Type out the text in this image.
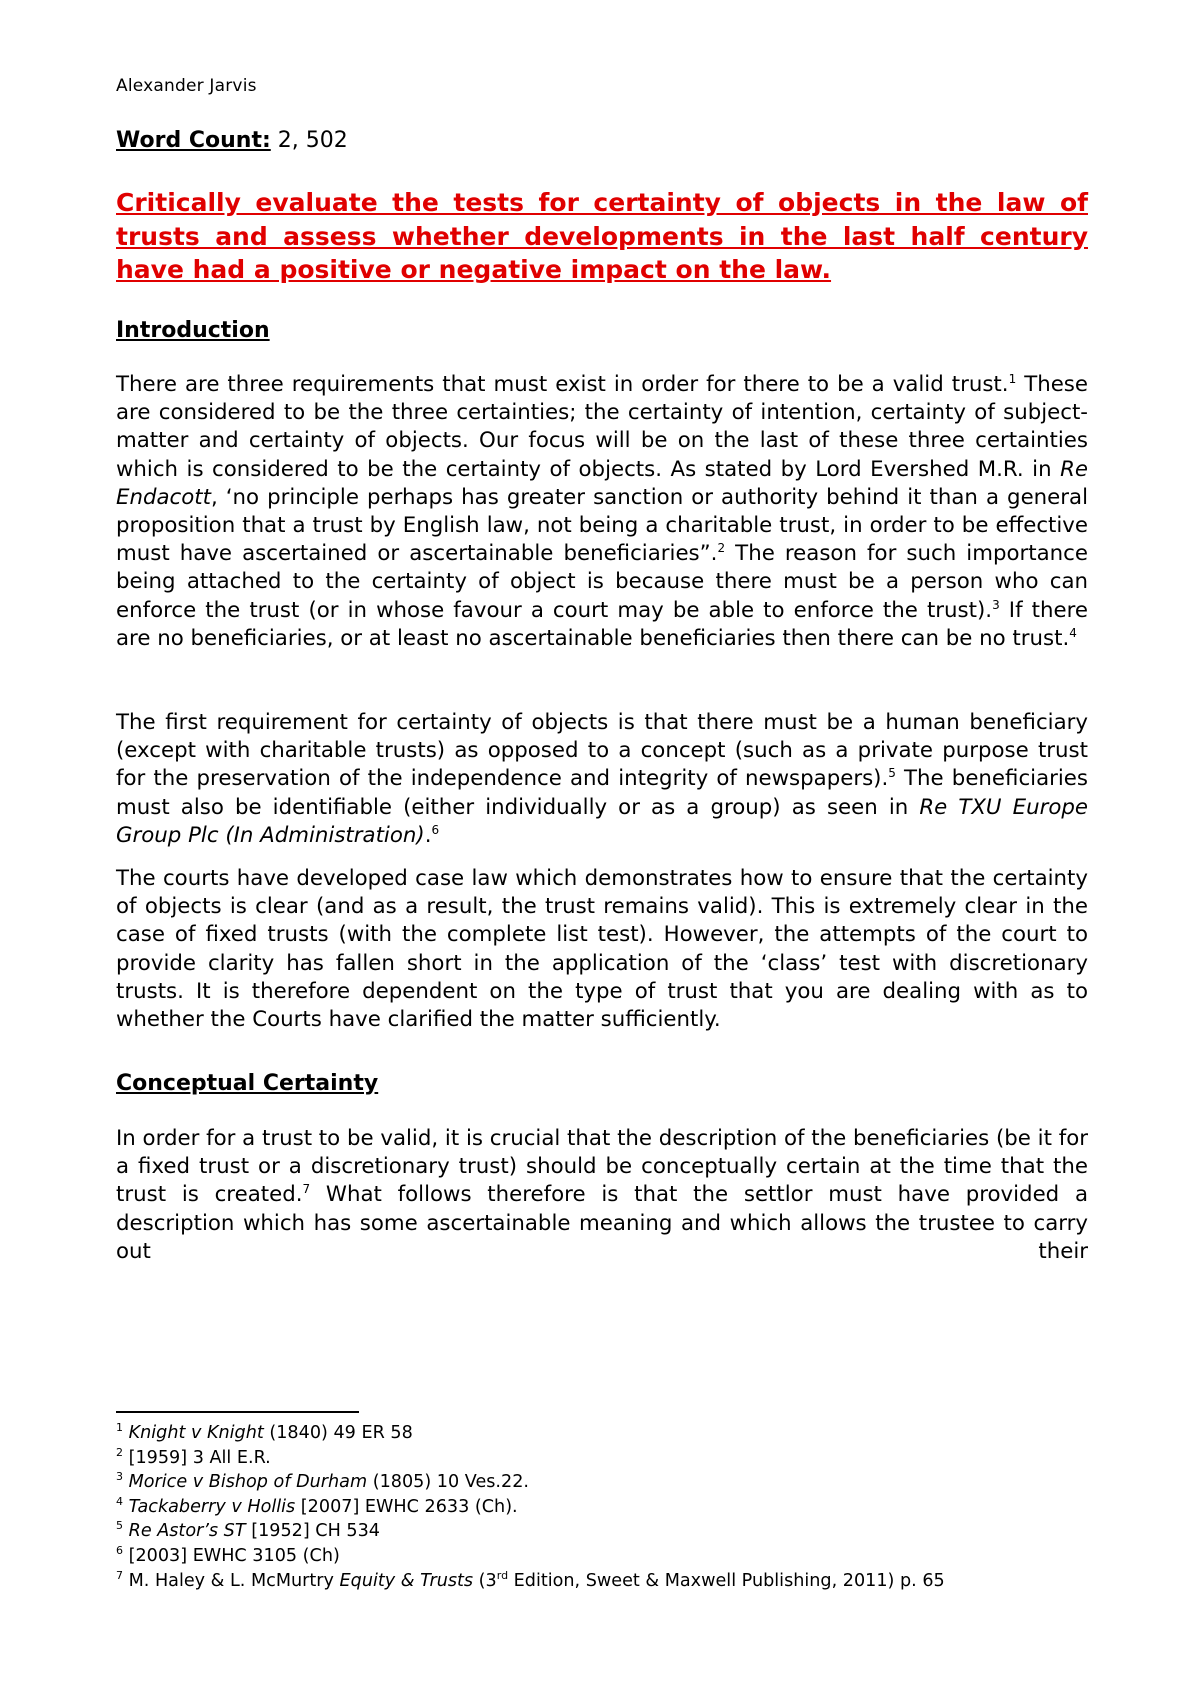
Alexander Jarvis
Word Count: 2, 502
Critically evaluate the tests for certainty of objects in the law of trusts and assess whether developments in the last half century have had a positive or negative impact on the law.
Introduction
There are three requirements that must exist in order for there to be a valid trust.$^1$ These are considered to be the three certainties; the certainty of intention, certainty of subject-matter and certainty of objects. Our focus will be on the last of these three certainties which is considered to be the certainty of objects. As stated by Lord Evershed M.R. in Re Endacott, ‘no principle perhaps has greater sanction or authority behind it than a general proposition that a trust by English law, not being a charitable trust, in order to be effective must have ascertained or ascertainable beneficiaries”.$^2$ The reason for such importance being attached to the certainty of object is because there must be a person who can enforce the trust (or in whose favour a court may be able to enforce the trust).$^3$ If there are no beneficiaries, or at least no ascertainable beneficiaries then there can be no trust.$^4$
The first requirement for certainty of objects is that there must be a human beneficiary (except with charitable trusts) as opposed to a concept (such as a private purpose trust for the preservation of the independence and integrity of newspapers).$^5$ The beneficiaries must also be identifiable (either individually or as a group) as seen in Re TXU Europe Group Plc (In Administration).$^6$
The courts have developed case law which demonstrates how to ensure that the certainty of objects is clear (and as a result, the trust remains valid). This is extremely clear in the case of fixed trusts (with the complete list test). However, the attempts of the court to provide clarity has fallen short in the application of the ‘class’ test with discretionary trusts. It is therefore dependent on the type of trust that you are dealing with as to whether the Courts have clarified the matter sufficiently.
Conceptual Certainty
In order for a trust to be valid, it is crucial that the description of the beneficiaries (be it for a fixed trust or a discretionary trust) should be conceptually certain at the time that the trust is created.$^7$ What follows therefore is that the settlor must have provided a description which has some ascertainable meaning and which allows the trustee to carry out their
$^1$ Knight v Knight (1840) 49 ER 58
$^2$ [1959] 3 All E.R.
$^3$ Morice v Bishop of Durham (1805) 10 Ves.22.
$^4$ Tackaberry v Hollis [2007] EWHC 2633 (Ch).
$^5$ Re Astor’s ST [1952] CH 534
$^6$ [2003] EWHC 3105 (Ch)
$^7$ M. Haley & L. McMurtry Equity & Trusts (3rd Edition, Sweet & Maxwell Publishing, 2011) p. 65
